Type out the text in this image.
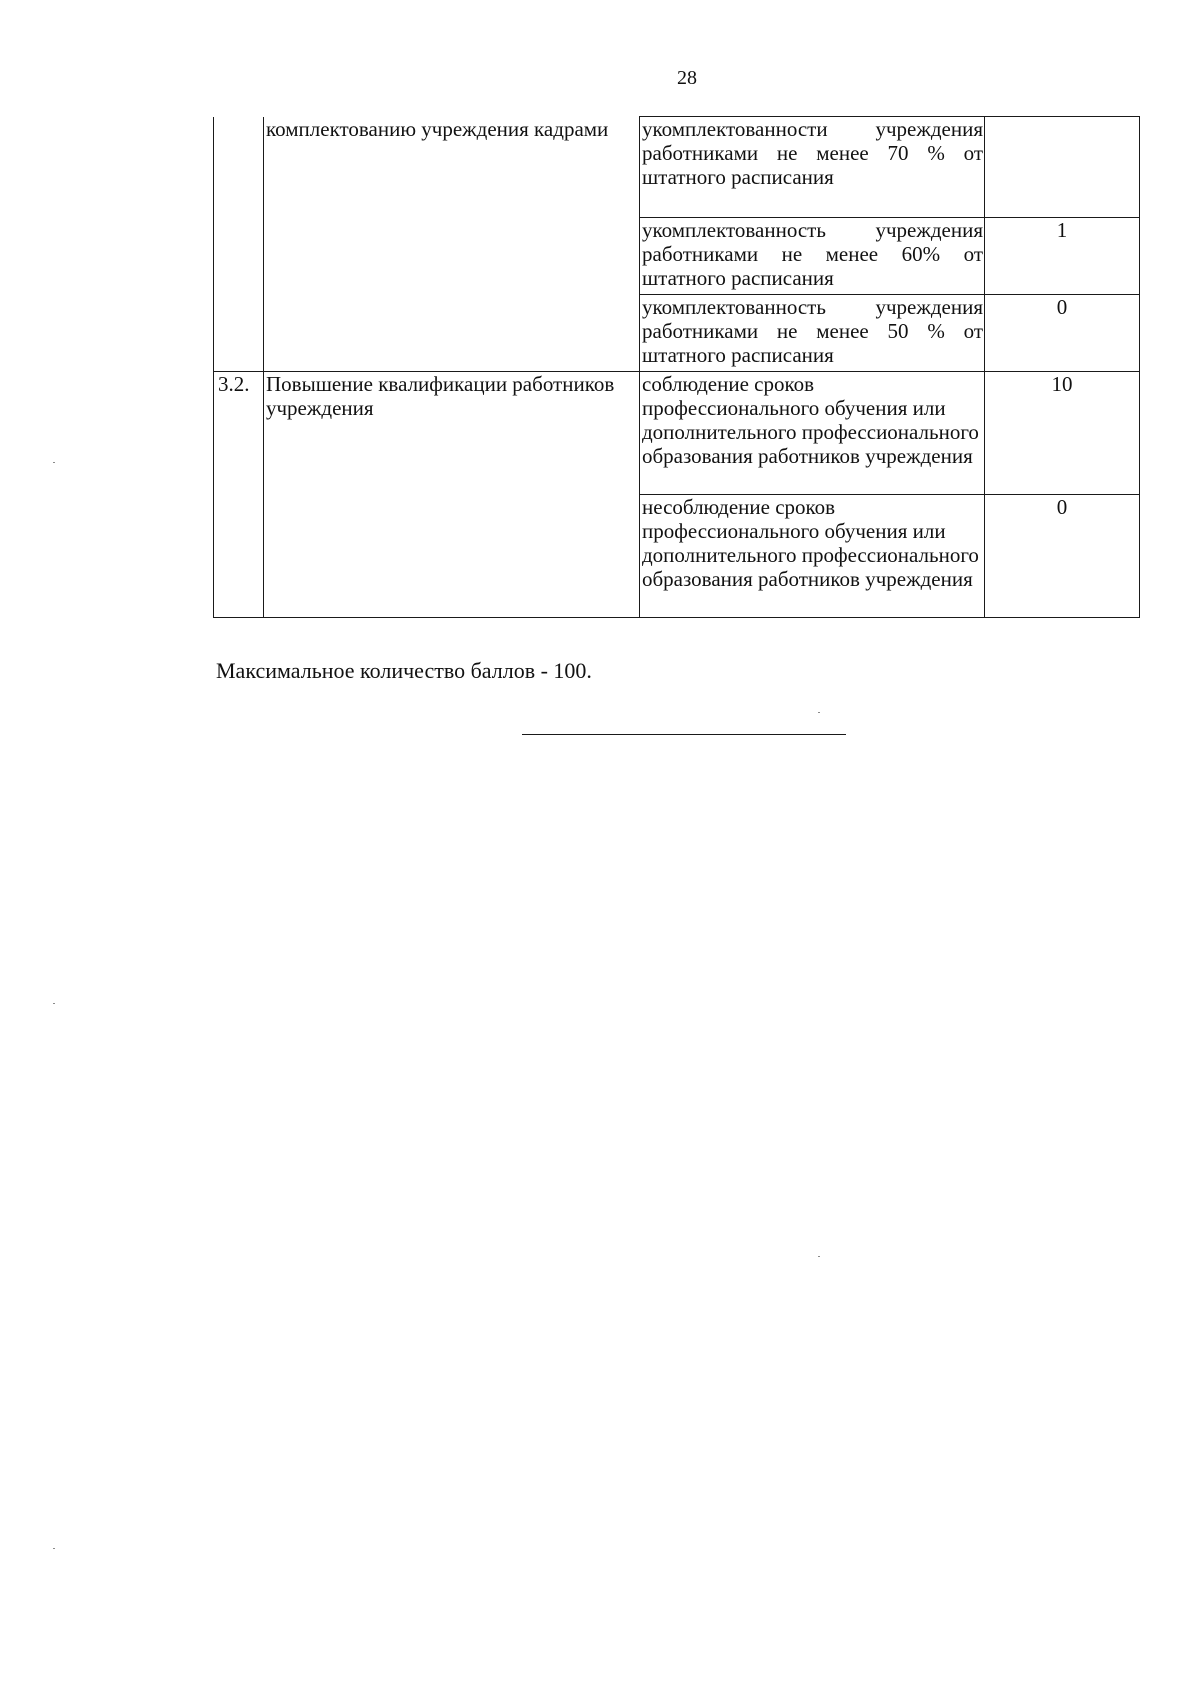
28
	комплектованию учреждения кадрами	укомплектованности учреждения работниками не менее 70 % от штатного расписания	

		укомплектованность учреждения работниками не менее 60% от штатного расписания	1

		укомплектованность учреждения работниками не менее 50 % от штатного расписания	0
3.2.	Повышение квалификации работников учреждения	соблюдение сроков профессионального обучения или дополнительного профессионального образования работников учреждения	10

		несоблюдение сроков профессионального обучения или дополнительного профессионального образования работников учреждения	0
Максимальное количество баллов - 100.
